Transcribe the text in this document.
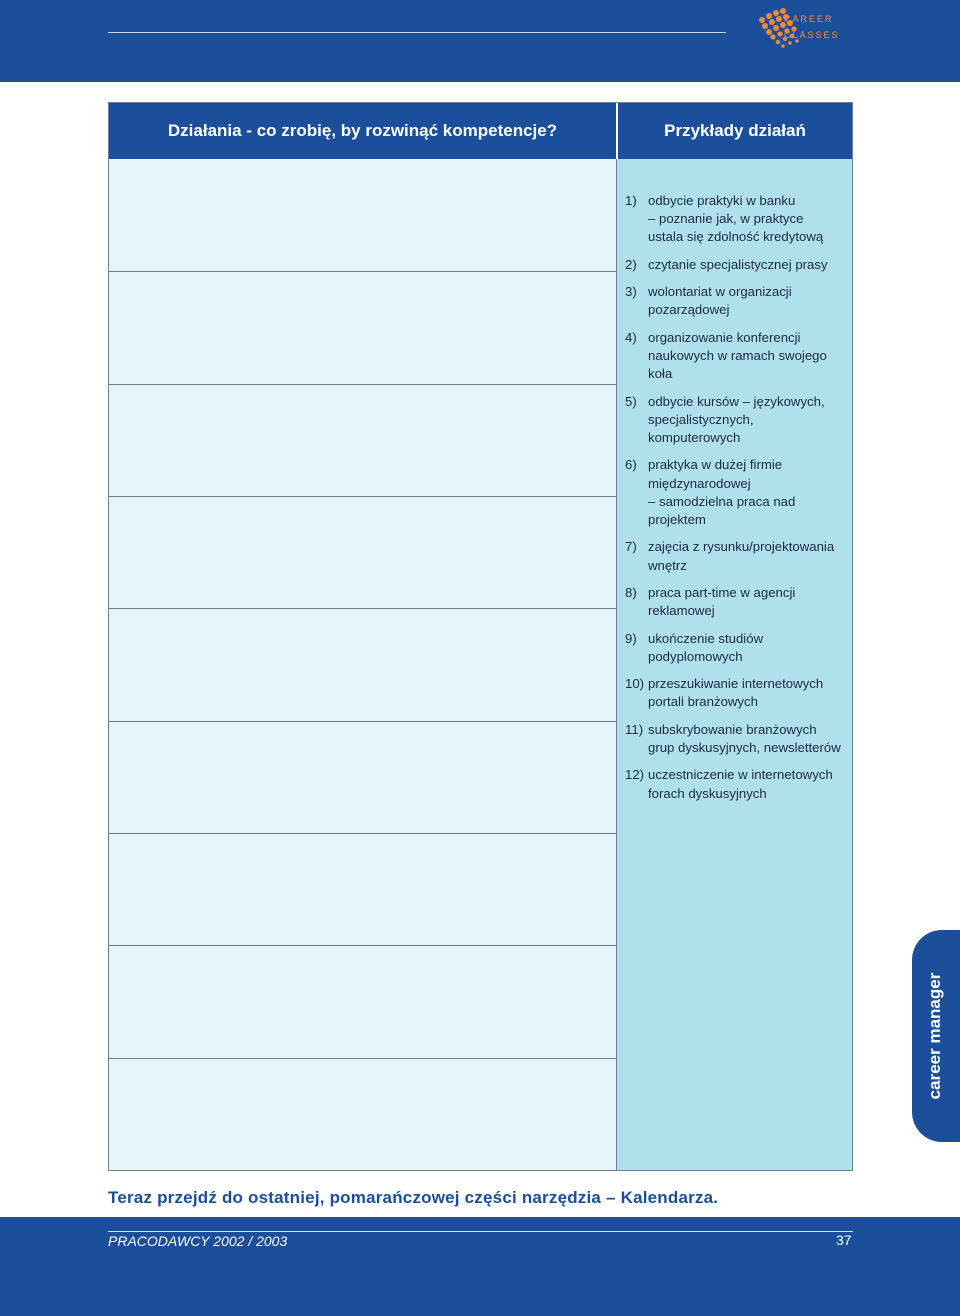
CAREER
CLASSES
Działania - co zrobię, by rozwinąć kompetencje?	Przykłady działań
1) odbycie praktyki w banku
– poznanie jak, w praktyce
ustala się zdolność kredytową
2) czytanie specjalistycznej prasy
3) wolontariat w organizacji
pozarządowej
4) organizowanie konferencji
naukowych w ramach swojego
koła
5) odbycie kursów – językowych,
specjalistycznych,
komputerowych
6) praktyka w dużej firmie
międzynarodowej
– samodzielna praca nad
projektem
7) zajęcia z rysunku/projektowania
wnętrz
8) praca part-time w agencji
reklamowej
9) ukończenie studiów
podyplomowych
10) przeszukiwanie internetowych
portali branżowych
11) subskrybowanie branżowych
grup dyskusyjnych, newsletterów
12) uczestniczenie w internetowych
forach dyskusyjnych
Teraz przejdź do ostatniej, pomarańczowej części narzędzia – Kalendarza.
PRACODAWCY 2002 / 2003	37
career manager
